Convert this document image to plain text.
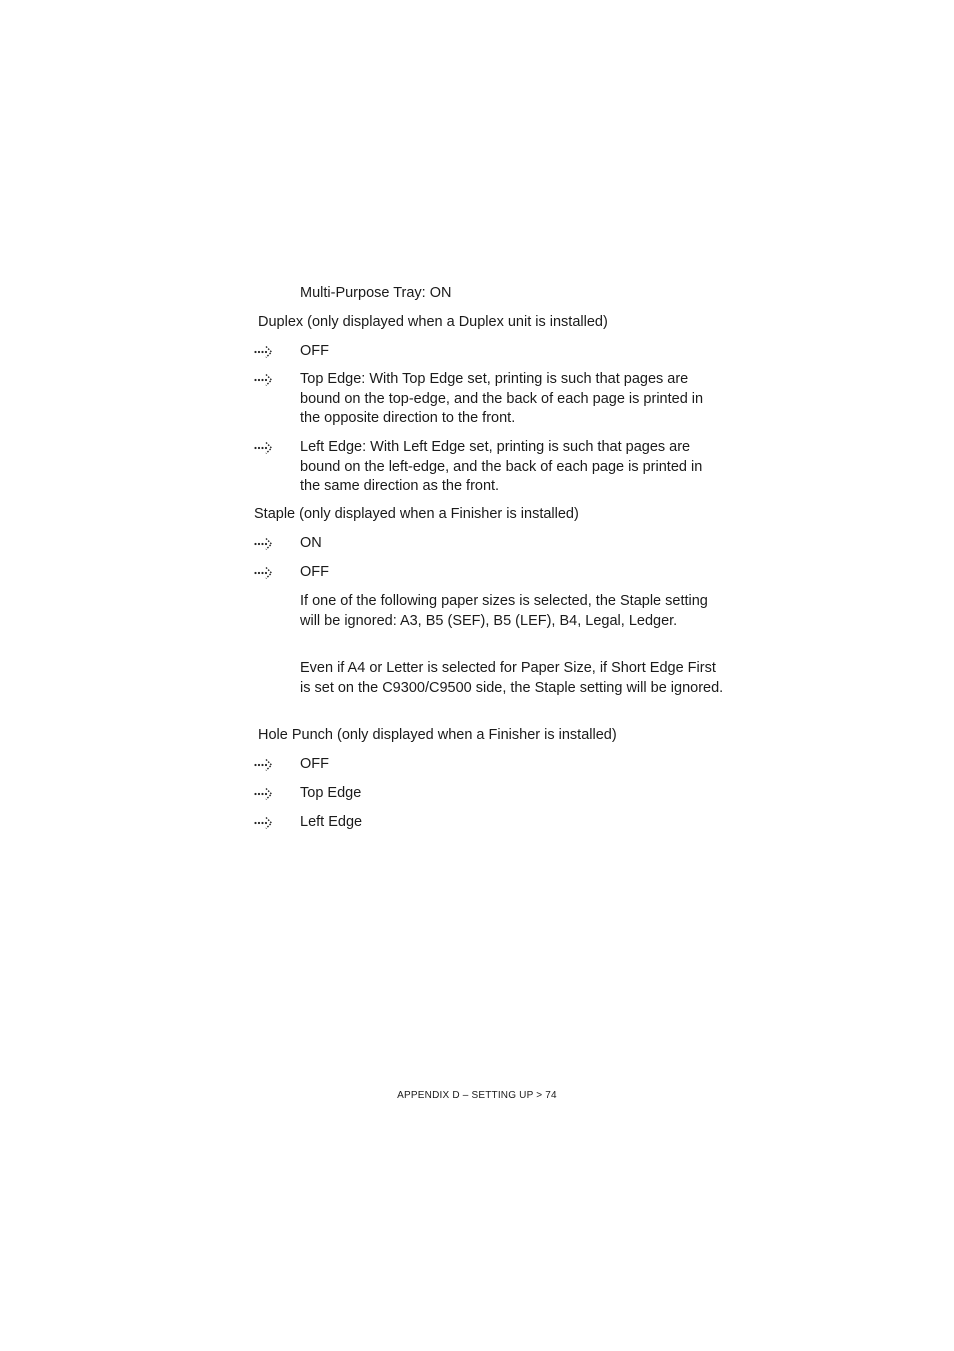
Multi-Purpose Tray: ON
Duplex (only displayed when a Duplex unit is installed)
OFF
Top Edge: With Top Edge set, printing is such that pages are bound on the top-edge, and the back of each page is printed in the opposite direction to the front.
Left Edge: With Left Edge set, printing is such that pages are bound on the left-edge, and the back of each page is printed in the same direction as the front.
Staple (only displayed when a Finisher is installed)
ON
OFF
If one of the following paper sizes is selected, the Staple setting will be ignored: A3, B5 (SEF), B5 (LEF), B4, Legal, Ledger.
Even if A4 or Letter is selected for Paper Size, if Short Edge First is set on the C9300/C9500 side, the Staple setting will be ignored.
Hole Punch (only displayed when a Finisher is installed)
OFF
Top Edge
Left Edge
APPENDIX D – SETTING UP > 74
